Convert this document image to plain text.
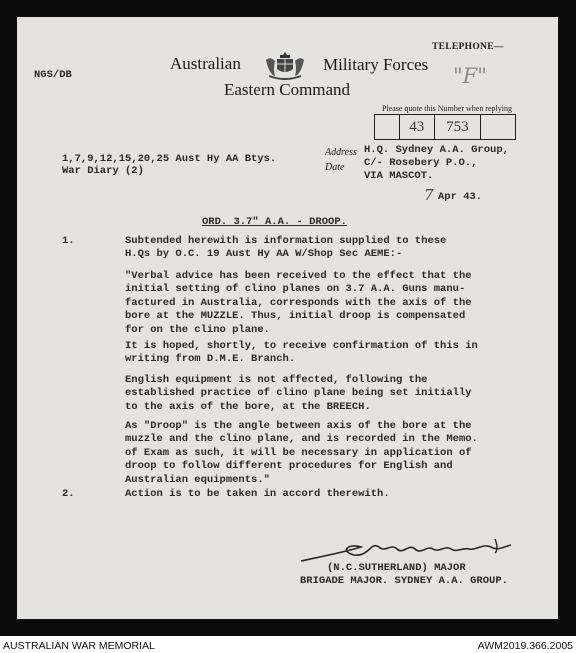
Australian	Military Forces
Eastern Command
TELEPHONE—
"F"
Please quote this Number when replying
43	753
NGS/DB
1,7,9,12,15,20,25 Aust Hy AA Btys.
War Diary (2)
Address
Date
H.Q. Sydney A.A. Group,
C/- Rosebery P.O.,
VIA MASCOT.
7 Apr 43.
ORD. 3.7" A.A. - DROOP.
1.	Subtended herewith is information supplied to these
H.Qs by O.C. 19 Aust Hy AA W/Shop Sec AEME:-
"Verbal advice has been received to the effect that the
initial setting of clino planes on 3.7 A.A. Guns manu-
factured in Australia, corresponds with the axis of the
bore at the MUZZLE. Thus, initial droop is compensated
for on the clino plane.
It is hoped, shortly, to receive confirmation of this in
writing from D.M.E. Branch.
English equipment is not affected, following the
established practice of clino plane being set initially
to the axis of the bore, at the BREECH.
As "Droop" is the angle between axis of the bore at the
muzzle and the clino plane, and is recorded in the Memo.
of Exam as such, it will be necessary in application of
droop to follow different procedures for English and
Australian equipments."
2.	Action is to be taken in accord therewith.
(N.C.SUTHERLAND) MAJOR
BRIGADE MAJOR. SYDNEY A.A. GROUP.
AUSTRALIAN WAR MEMORIAL	AWM2019.366.2005
